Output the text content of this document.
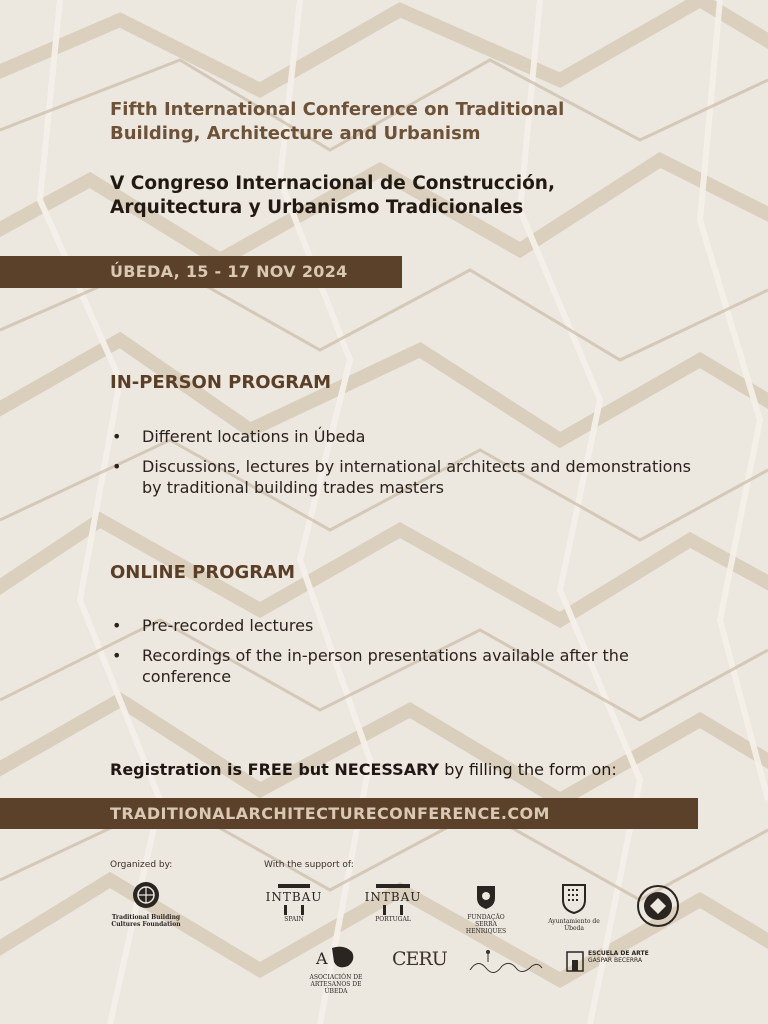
Fifth International Conference on Traditional
Building, Architecture and Urbanism
V Congreso Internacional de Construcción,
Arquitectura y Urbanismo Tradicionales
ÚBEDA, 15 - 17 NOV 2024
IN-PERSON PROGRAM
• Different locations in Úbeda
• Discussions, lectures by international architects and demonstrations by traditional building trades masters
ONLINE PROGRAM
• Pre-recorded lectures
• Recordings of the in-person presentations available after the conference
Registration is FREE but NECESSARY by filling the form on:
TRADITIONALARCHITECTURECONFERENCE.COM
Organized by:	With the support of:
Traditional Building Cultures Foundation
INTBAU
SPAIN
INTBAU
PORTUGAL	FUNDAÇÃO SERRA HENRIQUES
Ayuntamiento de Úbeda
A
ASOCIACIÓN DE ARTESANOS DE ÚBEDA
CERU	ESCUELA DE ARTE
GASPAR BECERRA
